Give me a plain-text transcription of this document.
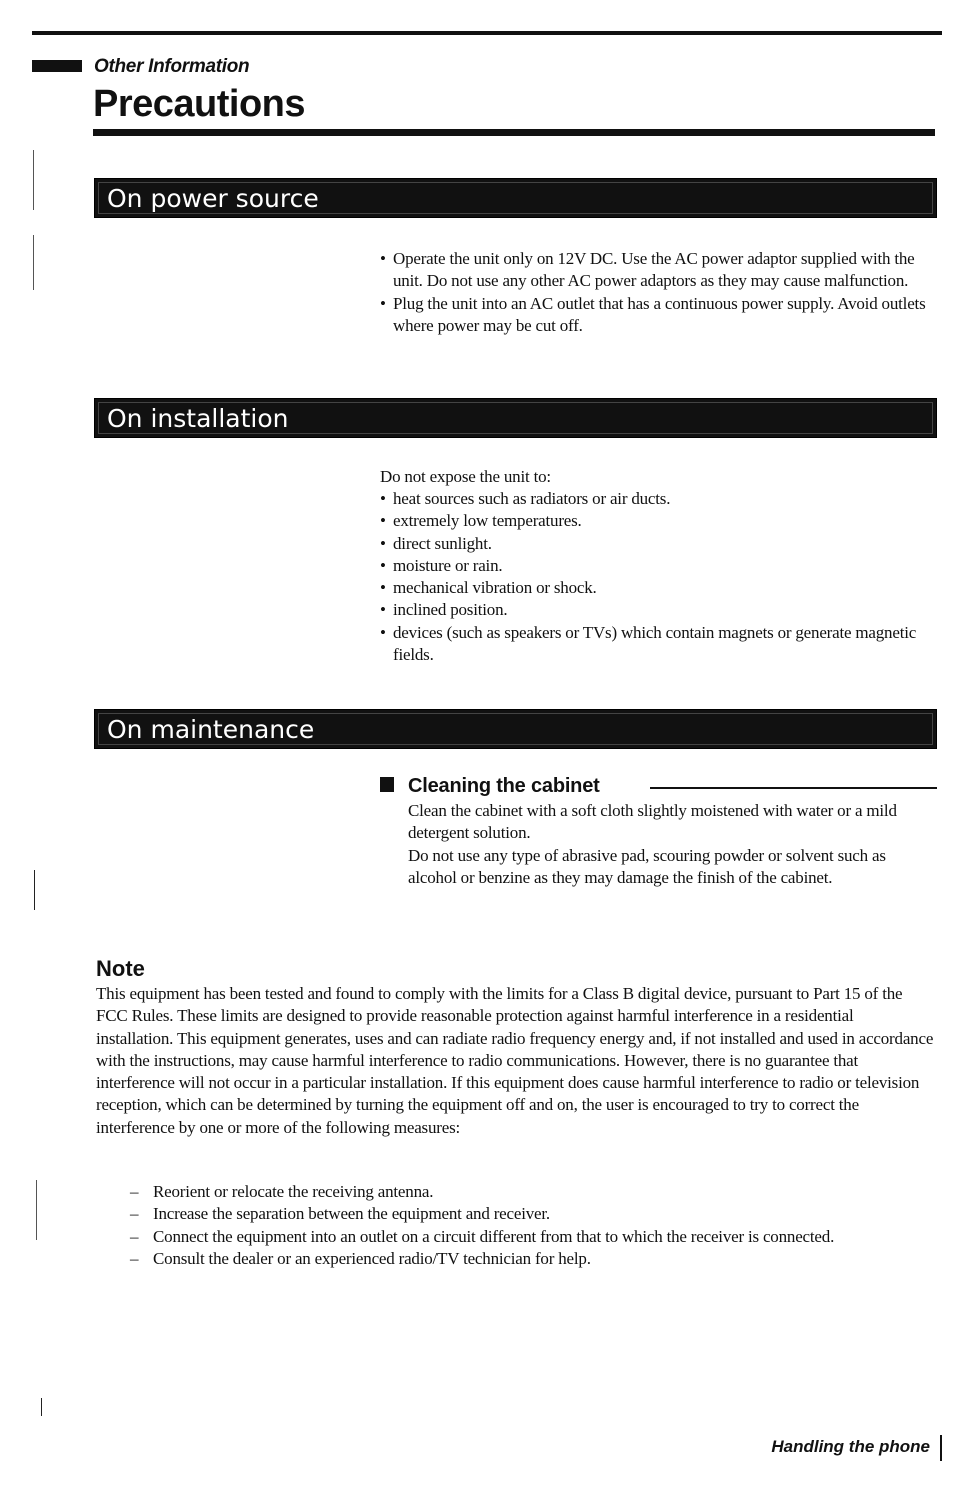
Other Information
Precautions
On power source
• Operate the unit only on 12V DC. Use the AC power adaptor supplied with the unit. Do not use any other AC power adaptors as they may cause malfunction.
• Plug the unit into an AC outlet that has a continuous power supply. Avoid outlets where power may be cut off.
On installation
Do not expose the unit to:
• heat sources such as radiators or air ducts.
• extremely low temperatures.
• direct sunlight.
• moisture or rain.
• mechanical vibration or shock.
• inclined position.
• devices (such as speakers or TVs) which contain magnets or generate magnetic fields.
On maintenance
Cleaning the cabinet
Clean the cabinet with a soft cloth slightly moistened with water or a mild detergent solution.
Do not use any type of abrasive pad, scouring powder or solvent such as alcohol or benzine as they may damage the finish of the cabinet.
Note
This equipment has been tested and found to comply with the limits for a Class B digital device, pursuant to Part 15 of the FCC Rules. These limits are designed to provide reasonable protection against harmful interference in a residential installation. This equipment generates, uses and can radiate radio frequency energy and, if not installed and used in accordance with the instructions, may cause harmful interference to radio communications. However, there is no guarantee that interference will not occur in a particular installation. If this equipment does cause harmful interference to radio or television reception, which can be determined by turning the equipment off and on, the user is encouraged to try to correct the interference by one or more of the following measures:
– Reorient or relocate the receiving antenna.
– Increase the separation between the equipment and receiver.
– Connect the equipment into an outlet on a circuit different from that to which the receiver is connected.
– Consult the dealer or an experienced radio/TV technician for help.
Handling the phone
